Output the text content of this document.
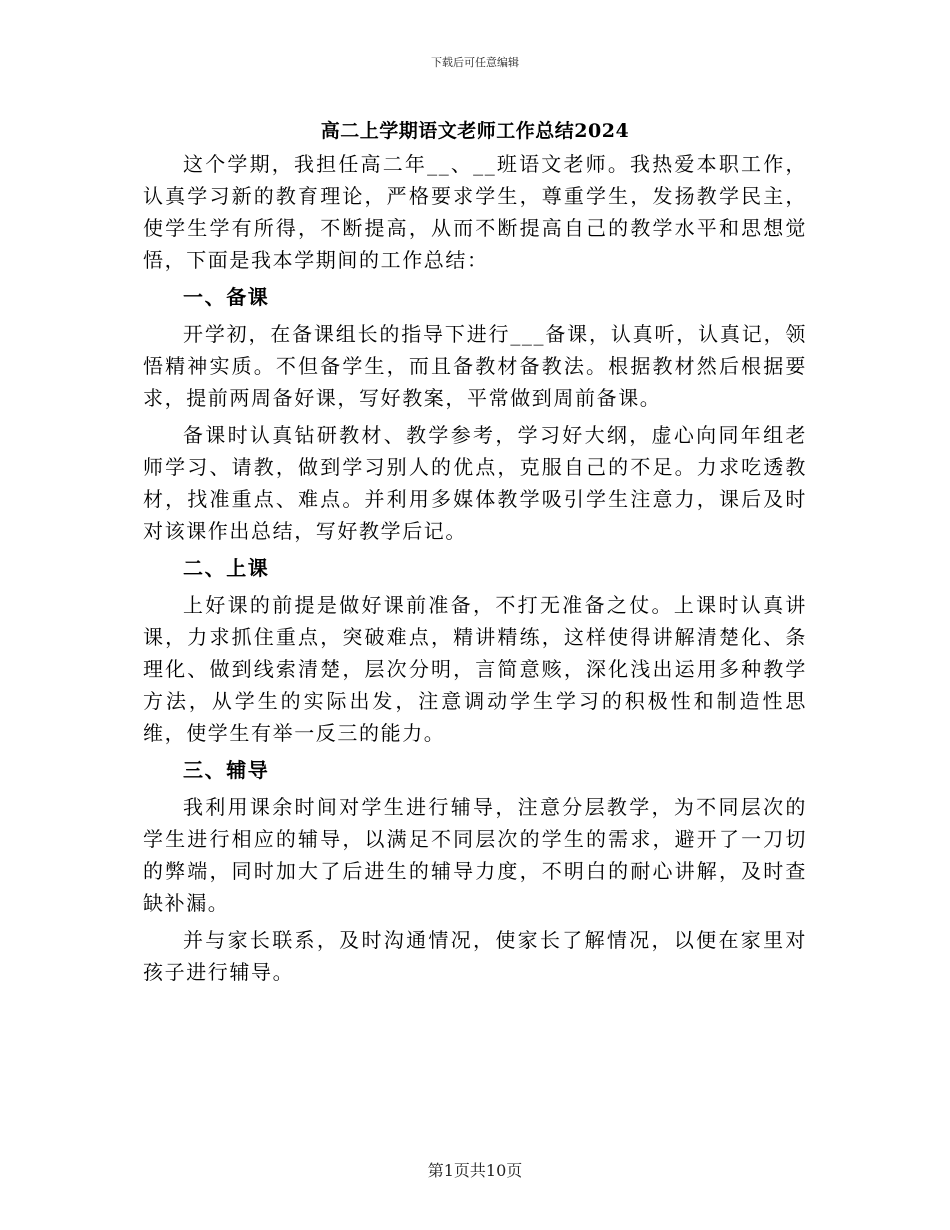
下载后可任意编辑
高二上学期语文老师工作总结2024

这个学期，我担任高二年__、__班语文老师。我热爱本职工作，认真学习新的教育理论，严格要求学生，尊重学生，发扬教学民主，使学生学有所得，不断提高，从而不断提高自己的教学水平和思想觉悟，下面是我本学期间的工作总结：

一、备课

开学初，在备课组长的指导下进行___备课，认真听，认真记，领悟精神实质。不但备学生，而且备教材备教法。根据教材然后根据要求，提前两周备好课，写好教案，平常做到周前备课。

备课时认真钻研教材、教学参考，学习好大纲，虚心向同年组老师学习、请教，做到学习别人的优点，克服自己的不足。力求吃透教材，找准重点、难点。并利用多媒体教学吸引学生注意力，课后及时对该课作出总结，写好教学后记。

二、上课

上好课的前提是做好课前准备，不打无准备之仗。上课时认真讲课，力求抓住重点，突破难点，精讲精练，这样使得讲解清楚化、条理化、做到线索清楚，层次分明，言简意赅，深化浅出运用多种教学方法，从学生的实际出发，注意调动学生学习的积极性和制造性思维，使学生有举一反三的能力。

三、辅导

我利用课余时间对学生进行辅导，注意分层教学，为不同层次的学生进行相应的辅导，以满足不同层次的学生的需求，避开了一刀切的弊端，同时加大了后进生的辅导力度，不明白的耐心讲解，及时查缺补漏。

并与家长联系，及时沟通情况，使家长了解情况，以便在家里对孩子进行辅导。

第1页共10页
